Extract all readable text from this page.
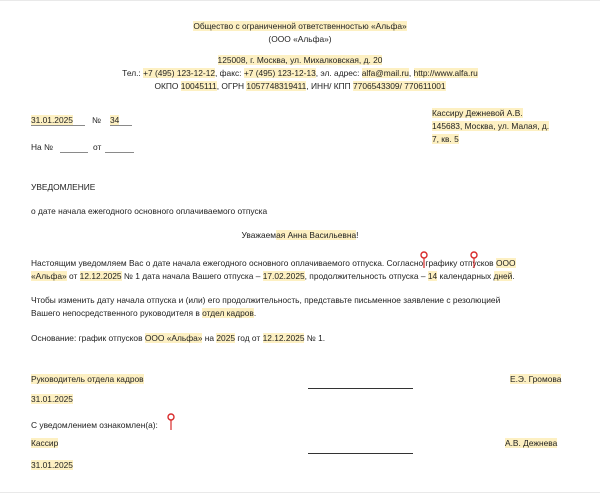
Общество с ограниченной ответственностью «Альфа»
(ООО «Альфа»)
125008, г. Москва, ул. Михалковская, д. 20
Тел.: +7 (495) 123-12-12, факс: +7 (495) 123-12-13, эл. адрес: alfa@mail.ru, http://www.alfa.ru
ОКПО 10045111, ОГРН 1057748319411, ИНН/ КПП 7706543309/ 770611001
31.01.2025	№ 34
На №	от
Кассиру Дежневой А.В.
145683, Москва, ул. Малая, д.
7, кв. 5
УВЕДОМЛЕНИЕ
о дате начала ежегодного основного оплачиваемого отпуска
Уважаемая Анна Васильевна!
Настоящим уведомляем Вас о дате начала ежегодного основного оплачиваемого отпуска. Согласно графику отпусков ООО
«Альфа» от 12.12.2025 № 1 дата начала Вашего отпуска – 17.02.2025, продолжительность отпуска – 14 календарных дней.
Чтобы изменить дату начала отпуска и (или) его продолжительность, представьте письменное заявление с резолюцией
Вашего непосредственного руководителя в отдел кадров.
Основание: график отпусков ООО «Альфа» на 2025 год от 12.12.2025 № 1.
Руководитель отдела кадров	Е.Э. Громова
31.01.2025
С уведомлением ознакомлен(а):
Кассир	А.В. Дежнева
31.01.2025
